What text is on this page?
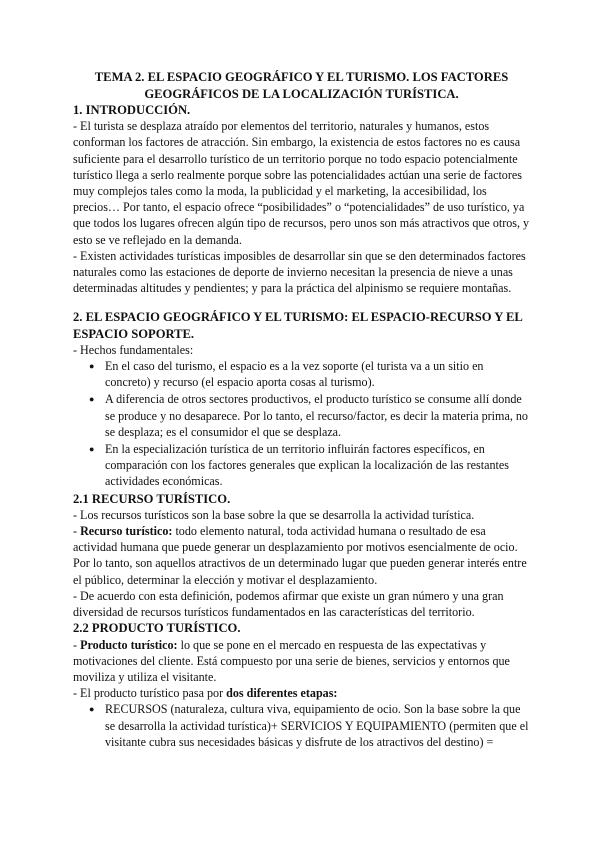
TEMA 2. EL ESPACIO GEOGRÁFICO Y EL TURISMO. LOS FACTORES GEOGRÁFICOS DE LA LOCALIZACIÓN TURÍSTICA.

1. INTRODUCCIÓN.

- El turista se desplaza atraído por elementos del territorio, naturales y humanos, estos conforman los factores de atracción. Sin embargo, la existencia de estos factores no es causa suficiente para el desarrollo turístico de un territorio porque no todo espacio potencialmente turístico llega a serlo realmente porque sobre las potencialidades actúan una serie de factores muy complejos tales como la moda, la publicidad y el marketing, la accesibilidad, los precios… Por tanto, el espacio ofrece “posibilidades” o “potencialidades” de uso turístico, ya que todos los lugares ofrecen algún tipo de recursos, pero unos son más atractivos que otros, y esto se ve reflejado en la demanda.

- Existen actividades turísticas imposibles de desarrollar sin que se den determinados factores naturales como las estaciones de deporte de invierno necesitan la presencia de nieve a unas determinadas altitudes y pendientes; y para la práctica del alpinismo se requiere montañas.

2. EL ESPACIO GEOGRÁFICO Y EL TURISMO: EL ESPACIO-RECURSO Y EL ESPACIO SOPORTE.

- Hechos fundamentales:

● En el caso del turismo, el espacio es a la vez soporte (el turista va a un sitio en concreto) y recurso (el espacio aporta cosas al turismo).
● A diferencia de otros sectores productivos, el producto turístico se consume allí donde se produce y no desaparece. Por lo tanto, el recurso/factor, es decir la materia prima, no se desplaza; es el consumidor el que se desplaza.
● En la especialización turística de un territorio influirán factores específicos, en comparación con los factores generales que explican la localización de las restantes actividades económicas.
2.1 RECURSO TURÍSTICO.

- Los recursos turísticos son la base sobre la que se desarrolla la actividad turística.

- Recurso turístico: todo elemento natural, toda actividad humana o resultado de esa actividad humana que puede generar un desplazamiento por motivos esencialmente de ocio. Por lo tanto, son aquellos atractivos de un determinado lugar que pueden generar interés entre el público, determinar la elección y motivar el desplazamiento.

- De acuerdo con esta definición, podemos afirmar que existe un gran número y una gran diversidad de recursos turísticos fundamentados en las características del territorio.

2.2 PRODUCTO TURÍSTICO.

- Producto turístico: lo que se pone en el mercado en respuesta de las expectativas y motivaciones del cliente. Está compuesto por una serie de bienes, servicios y entornos que moviliza y utiliza el visitante.

- El producto turístico pasa por dos diferentes etapas:

● RECURSOS (naturaleza, cultura viva, equipamiento de ocio. Son la base sobre la que se desarrolla la actividad turística)+ SERVICIOS Y EQUIPAMIENTO (permiten que el visitante cubra sus necesidades básicas y disfrute de los atractivos del destino) =
